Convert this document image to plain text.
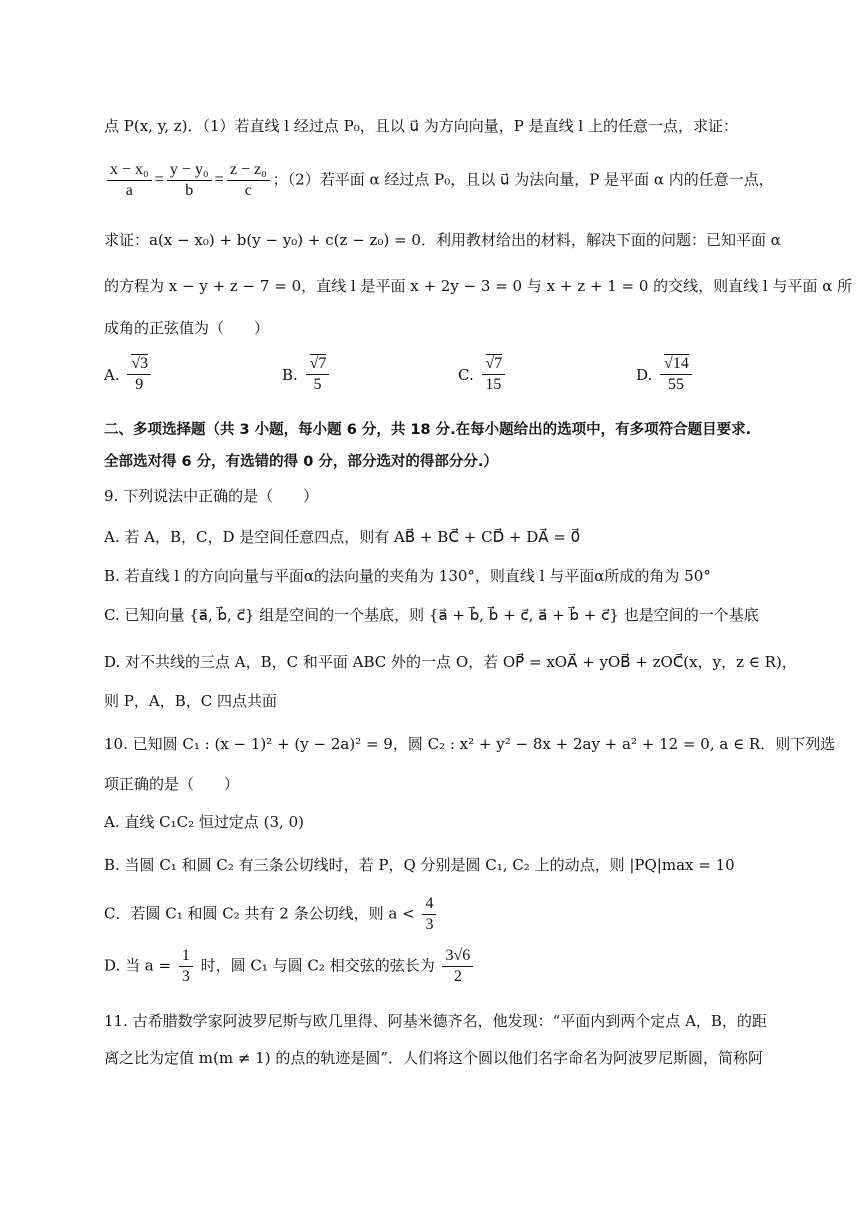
点 P(x, y, z)．（1）若直线 l 经过点 P₀，且以 u⃗ 为方向向量，P 是直线 l 上的任意一点，求证：
$\frac{\text{x − x₀}}{a} = \frac{\text{y − y₀}}{b} = \frac{\text{z − z₀}}{c}$ ；（2）若平面 α 经过点 P₀，且以 u⃗ 为法向量，P 是平面 α 内的任意一点，
求证：a(x − x₀) + b(y − y₀) + c(z − z₀) = 0．利用教材给出的材料，解决下面的问题：已知平面 α
的方程为 x − y + z − 7 = 0，直线 l 是平面 x + 2y − 3 = 0 与 x + z + 1 = 0 的交线，则直线 l 与平面 α 所
成角的正弦值为（　　）
A. $\frac{√3}{9}$	B. $\frac{√7}{5}$	C. $\frac{√7}{15}$	D. $\frac{√14}{55}$
二、多项选择题（共 3 小题，每小题 6 分，共 18 分.在每小题给出的选项中，有多项符合题目要求.
全部选对得 6 分，有选错的得 0 分，部分选对的得部分分.）
9. 下列说法中正确的是（　　）
A. 若 A，B，C，D 是空间任意四点，则有 AB⃗ + BC⃗ + CD⃗ + DA⃗ = 0⃗
B. 若直线 l 的方向向量与平面α的法向量的夹角为 130°，则直线 l 与平面α所成的角为 50°
C. 已知向量 {a⃗, b⃗, c⃗} 组是空间的一个基底，则 {a⃗ + b⃗, b⃗ + c⃗, a⃗ + b⃗ + c⃗} 也是空间的一个基底
D. 对不共线的三点 A，B，C 和平面 ABC 外的一点 O，若 OP⃗ = xOA⃗ + yOB⃗ + zOC⃗(x，y，z ∈ R)，
则 P，A，B，C 四点共面
10. 已知圆 C₁ : (x − 1)² + (y − 2a)² = 9，圆 C₂ : x² + y² − 8x + 2ay + a² + 12 = 0, a ∈ R．则下列选
项正确的是（　　）
A. 直线 C₁C₂ 恒过定点 (3, 0)
B. 当圆 C₁ 和圆 C₂ 有三条公切线时，若 P，Q 分别是圆 C₁, C₂ 上的动点，则 |PQ|max = 10
C．若圆 C₁ 和圆 C₂ 共有 2 条公切线，则 $a < \frac{4}{3}$
D. 当 $a = \frac{1}{3}$ 时，圆 C₁ 与圆 C₂ 相交弦的弦长为 $\frac{3√6}{2}$
11. 古希腊数学家阿波罗尼斯与欧几里得、阿基米德齐名，他发现：“平面内到两个定点 A，B，的距
离之比为定值 m(m ≠ 1) 的点的轨迹是圆”．人们将这个圆以他们名字命名为阿波罗尼斯圆，简称阿
